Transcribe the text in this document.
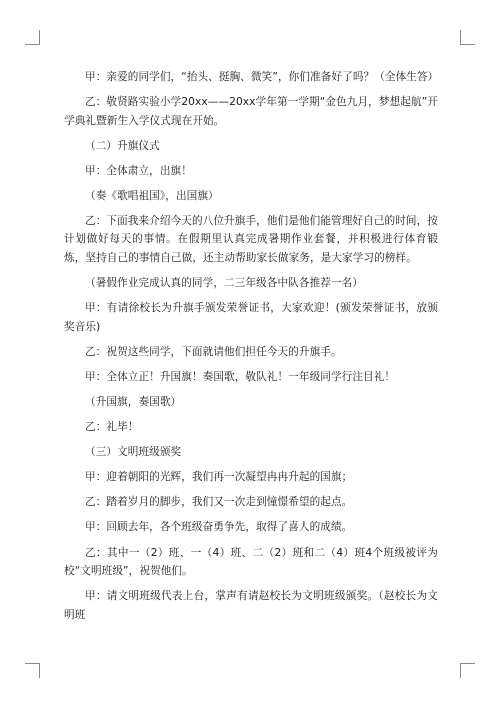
甲：亲爱的同学们，“抬头、挺胸、微笑”，你们准备好了吗？（全体生答）

乙：敬贤路实验小学20xx——20xx学年第一学期“金色九月，梦想起航”开学典礼暨新生入学仪式现在开始。

（二）升旗仪式

甲：全体肃立，出旗！

（奏《歌唱祖国》，出国旗）

乙：下面我来介绍今天的八位升旗手，他们是他们能管理好自己的时间，按计划做好每天的事情。在假期里认真完成暑期作业套餐，并积极进行体育锻炼，坚持自己的事情自己做，还主动帮助家长做家务，是大家学习的榜样。

（暑假作业完成认真的同学，二三年级各中队各推荐一名）

甲：有请徐校长为升旗手颁发荣誉证书，大家欢迎！(颁发荣誉证书，放颁奖音乐)

乙：祝贺这些同学，下面就请他们担任今天的升旗手。

甲：全体立正！升国旗！奏国歌，敬队礼！一年级同学行注目礼！

（升国旗，奏国歌）

乙：礼毕！

（三）文明班级颁奖

甲：迎着朝阳的光辉，我们再一次凝望冉冉升起的国旗；

乙：踏着岁月的脚步，我们又一次走到憧憬希望的起点。

甲：回顾去年，各个班级奋勇争先，取得了喜人的成绩。

乙：其中一（2）班、一（4）班、二（2）班和二（4）班4个班级被评为校“文明班级”，祝贺他们。

甲：请文明班级代表上台，掌声有请赵校长为文明班级颁奖。（赵校长为文明班
